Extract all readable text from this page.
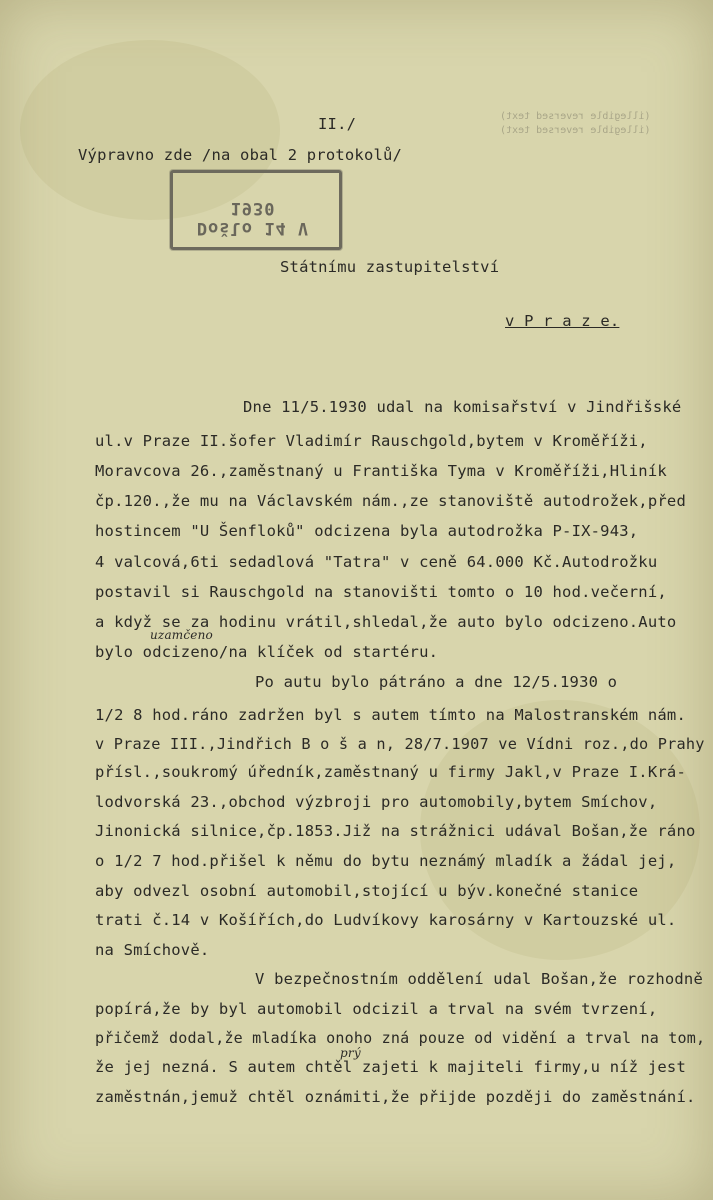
II./
Výpravno zde /na obal 2 protokolů/
Došlo 14 V 1930
(illegible reversed text)
(illegible reversed text)
Státnímu zastupitelství
v P r a z e.
Dne 11/5.1930 udal na komisařství v Jindřišské
ul.v Praze II.šofer Vladimír Rauschgold,bytem v Kroměříži,
Moravcova 26.,zaměstnaný u Františka Tyma v Kroměříži,Hliník
čp.120.,že mu na Václavském nám.,ze stanoviště autodrožek,před
hostincem "U Šenfloků" odcizena byla autodrožka P-IX-943,
4 valcová,6ti sedadlová "Tatra" v ceně 64.000 Kč.Autodrožku
postavil si Rauschgold na stanovišti tomto o 10 hod.večerní,
a když se za hodinu vrátil,shledal,že auto bylo odcizeno.Auto
uzamčeno
bylo odcizeno/na klíček od startéru.
Po autu bylo pátráno a dne 12/5.1930 o
1/2 8 hod.ráno zadržen byl s autem tímto na Malostranském nám.
v Praze III.,Jindřich B o š a n, 28/7.1907 ve Vídni roz.,do Prahy
přísl.,soukromý úředník,zaměstnaný u firmy Jakl,v Praze I.Krá-
lodvorská 23.,obchod výzbroji pro automobily,bytem Smíchov,
Jinonická silnice,čp.1853.Již na strážnici udával Bošan,že ráno
o 1/2 7 hod.přišel k němu do bytu neznámý mladík a žádal jej,
aby odvezl osobní automobil,stojící u býv.konečné stanice
trati č.14 v Košířích,do Ludvíkovy karosárny v Kartouzské ul.
na Smíchově.
V bezpečnostním oddělení udal Bošan,že rozhodně
popírá,že by byl automobil odcizil a trval na svém tvrzení,
přičemž dodal,že mladíka onoho zná pouze od vidění a trval na tom,
prý
že jej nezná. S autem chtěl zajeti k majiteli firmy,u níž jest
zaměstnán,jemuž chtěl oznámiti,že přijde později do zaměstnání.
